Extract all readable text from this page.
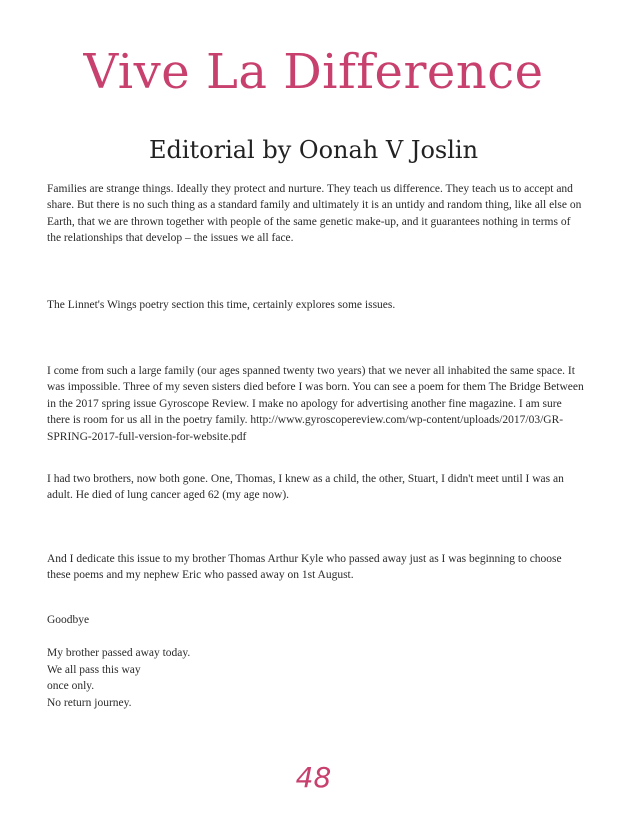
Vive La Difference
Editorial by Oonah V Joslin

Families are strange things. Ideally they protect and nurture. They teach us difference. They teach us to accept and share. But there is no such thing as a standard family and ultimately it is an untidy and random thing, like all else on Earth, that we are thrown together with people of the same genetic make-up, and it guarantees nothing in terms of the relationships that develop – the issues we all face.

The Linnet's Wings poetry section this time, certainly explores some issues.

I come from such a large family (our ages spanned twenty two years) that we never all inhabited the same space. It was impossible. Three of my seven sisters died before I was born. You can see a poem for them The Bridge Between in the 2017 spring issue Gyroscope Review. I make no apology for advertising another fine magazine. I am sure there is room for us all in the poetry family. http://www.gyroscopereview.com/wp-content/uploads/2017/03/GR-SPRING-2017-full-version-for-website.pdf

I had two brothers, now both gone. One, Thomas, I knew as a child, the other, Stuart, I didn't meet until I was an adult. He died of lung cancer aged 62 (my age now).

And I dedicate this issue to my brother Thomas Arthur Kyle who passed away just as I was beginning to choose these poems and my nephew Eric who passed away on 1st August.

Goodbye

My brother passed away today.
We all pass this way
once only.
No return journey.
48
